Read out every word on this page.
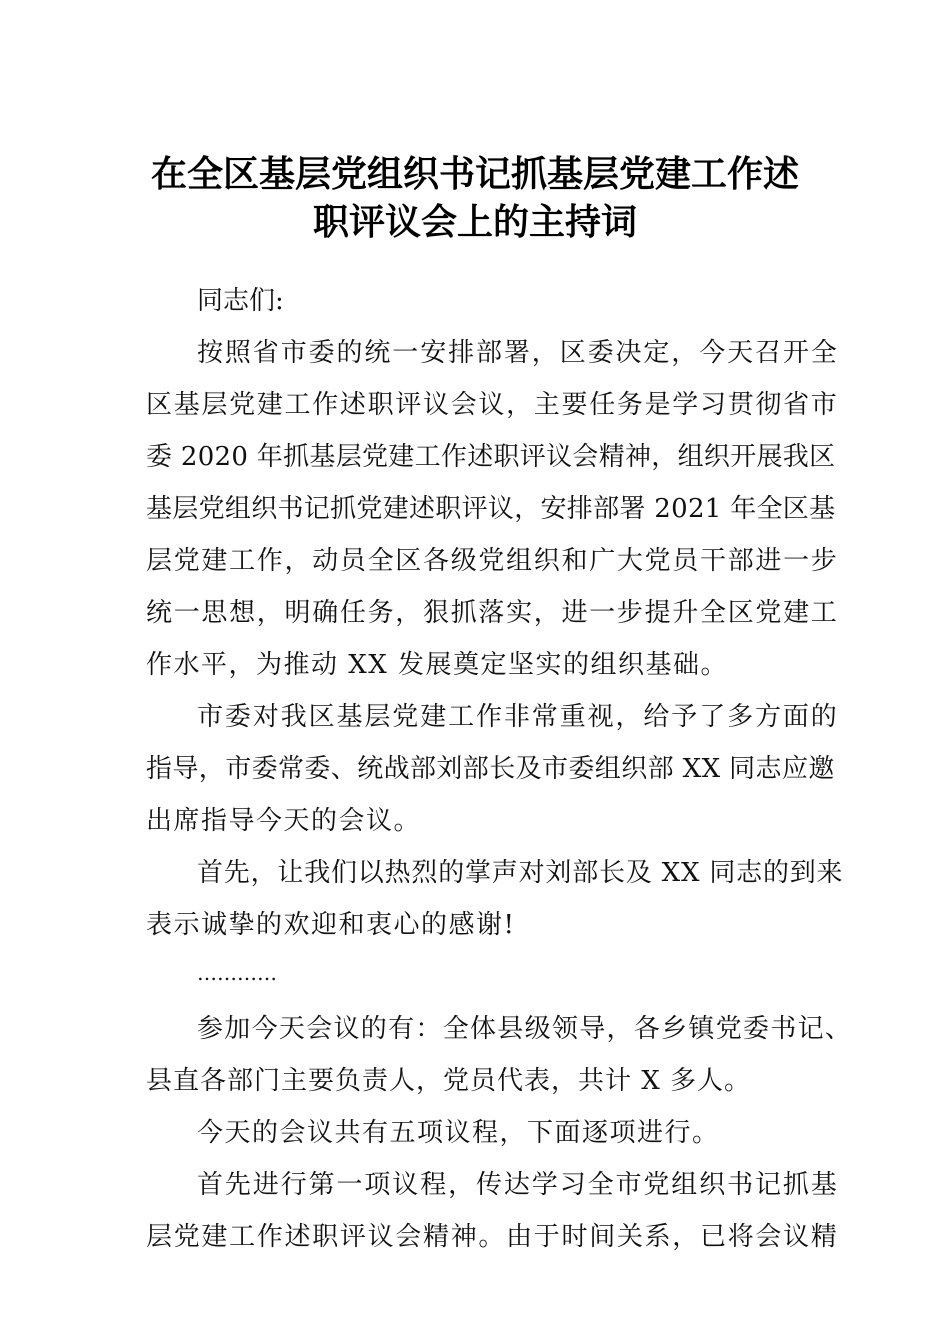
在全区基层党组织书记抓基层党建工作述
职评议会上的主持词

同志们:

按照省市委的统一安排部署，区委决定，今天召开全

区基层党建工作述职评议会议，主要任务是学习贯彻省市

委 2020 年抓基层党建工作述职评议会精神，组织开展我区

基层党组织书记抓党建述职评议，安排部署 2021 年全区基

层党建工作，动员全区各级党组织和广大党员干部进一步

统一思想，明确任务，狠抓落实，进一步提升全区党建工

作水平，为推动 XX 发展奠定坚实的组织基础。

市委对我区基层党建工作非常重视，给予了多方面的

指导，市委常委、统战部刘部长及市委组织部 XX 同志应邀

出席指导今天的会议。

首先，让我们以热烈的掌声对刘部长及 XX 同志的到来

表示诚挚的欢迎和衷心的感谢!

…………

参加今天会议的有：全体县级领导，各乡镇党委书记、

县直各部门主要负责人，党员代表，共计 X 多人。

今天的会议共有五项议程，下面逐项进行。

首先进行第一项议程，传达学习全市党组织书记抓基

层党建工作述职评议会精神。由于时间关系，已将会议精
